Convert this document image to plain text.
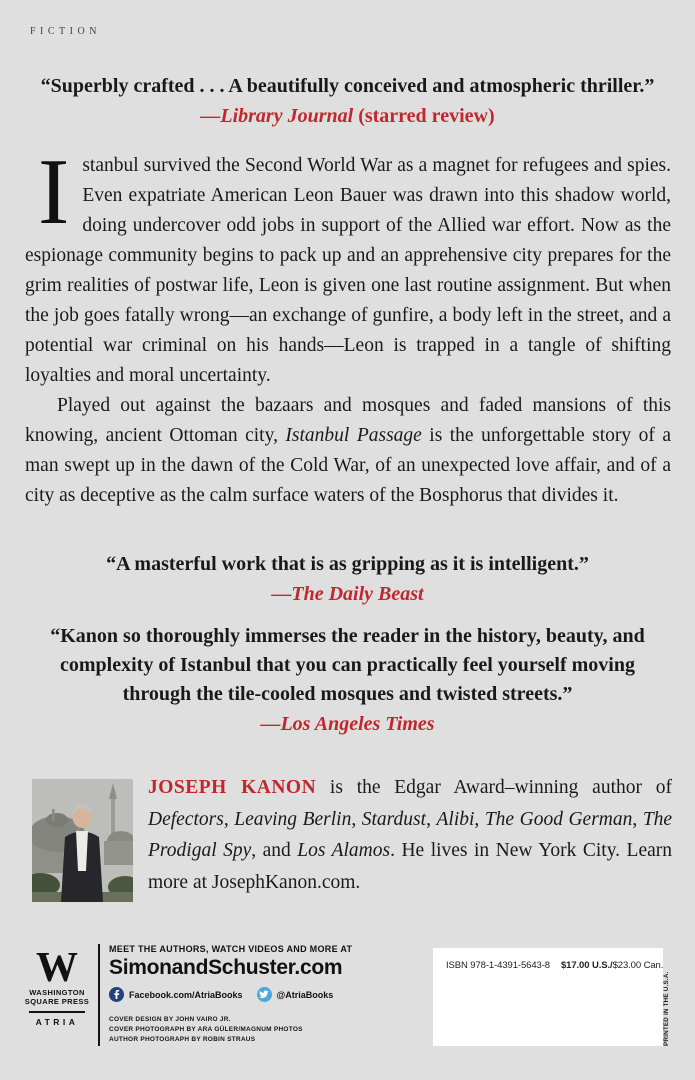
FICTION
“Superbly crafted . . . A beautifully conceived and atmospheric thriller.”
—Library Journal (starred review)

Istanbul survived the Second World War as a magnet for refugees and spies. Even expatriate American Leon Bauer was drawn into this shadow world, doing undercover odd jobs in support of the Allied war effort. Now as the espionage community begins to pack up and an apprehensive city prepares for the grim realities of postwar life, Leon is given one last routine assignment. But when the job goes fatally wrong—an exchange of gunfire, a body left in the street, and a potential war criminal on his hands—Leon is trapped in a tangle of shifting loyalties and moral uncertainty.

Played out against the bazaars and mosques and faded mansions of this knowing, ancient Ottoman city, Istanbul Passage is the unforgettable story of a man swept up in the dawn of the Cold War, of an unexpected love affair, and of a city as deceptive as the calm surface waters of the Bosphorus that divides it.

“A masterful work that is as gripping as it is intelligent.”
—The Daily Beast
“Kanon so thoroughly immerses the reader in the history, beauty, and complexity of Istanbul that you can practically feel yourself moving through the tile-cooled mosques and twisted streets.”
—Los Angeles Times
JOSEPH KANON is the Edgar Award–winning author of Defectors, Leaving Berlin, Stardust, Alibi, The Good German, The Prodigal Spy, and Los Alamos. He lives in New York City. Learn more at JosephKanon.com.
W
WASHINGTON
SQUARE PRESS
ATRIA
MEET THE AUTHORS, WATCH VIDEOS AND MORE AT
SimonandSchuster.com
Facebook.com/AtriaBooks	@AtriaBooks
COVER DESIGN BY JOHN VAIRO JR.
COVER PHOTOGRAPH BY ARA GÜLER/MAGNUM PHOTOS
AUTHOR PHOTOGRAPH BY ROBIN STRAUS
ISBN 978-1-4391-5643-8 $17.00 U.S./$23.00 Can.
PRINTED IN THE U.S.A.
